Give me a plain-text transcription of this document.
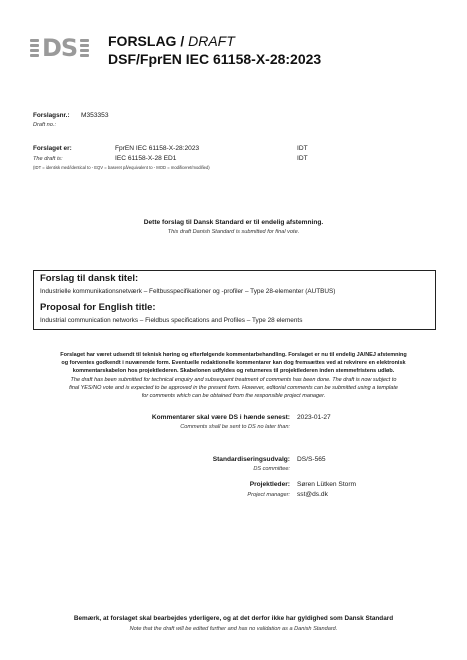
DS FORSLAG / DRAFT
DSF/FprEN IEC 61158-X-28:2023
Forslagsnr.: M353353
Draft no.:
Forslaget er:	FprEN IEC 61158-X-28:2023	IDT
The draft is:	IEC 61158-X-28 ED1	IDT
(IDT = identisk med/identical to - EQV = baseret på/equivalent to - MOD = modificeret/modified)
Dette forslag til Dansk Standard er til endelig afstemning.
This draft Danish Standard is submitted for final vote.
Forslag til dansk titel:
Industrielle kommunikationsnetværk – Feltbusspecifikationer og -profiler – Type 28-elementer (AUTBUS)
Proposal for English title:
Industrial communication networks – Fieldbus specifications and Profiles – Type 28 elements
Forslaget har været udsendt til teknisk høring og efterfølgende kommentarbehandling. Forslaget er nu til endelig JA/NEJ afstemning
og forventes godkendt i nuværende form. Eventuelle redaktionelle kommentarer kan dog fremsættes ved at rekvirere en elektronisk
kommentarskabelon hos projektlederen. Skabelonen udfyldes og returneres til projektlederen inden stemmefristens udløb.
The draft has been submitted for technical enquiry and subsequent treatment of comments has been done. The draft is now subject to
final YES/NO vote and is expected to be approved in the present form. However, editorial comments can be submitted using a template
for comments which can be obtained from the responsible project manager.
Kommentarer skal være DS i hænde senest: 2023-01-27
Comments shall be sent to DS no later than:
Standardiseringsudvalg: DS/S-565
DS committee:
Projektleder: Søren Lütken Storm
Project manager: sst@ds.dk
Bemærk, at forslaget skal bearbejdes yderligere, og at det derfor ikke har gyldighed som Dansk Standard
Note that the draft will be edited further and has no validation as a Danish Standard.
